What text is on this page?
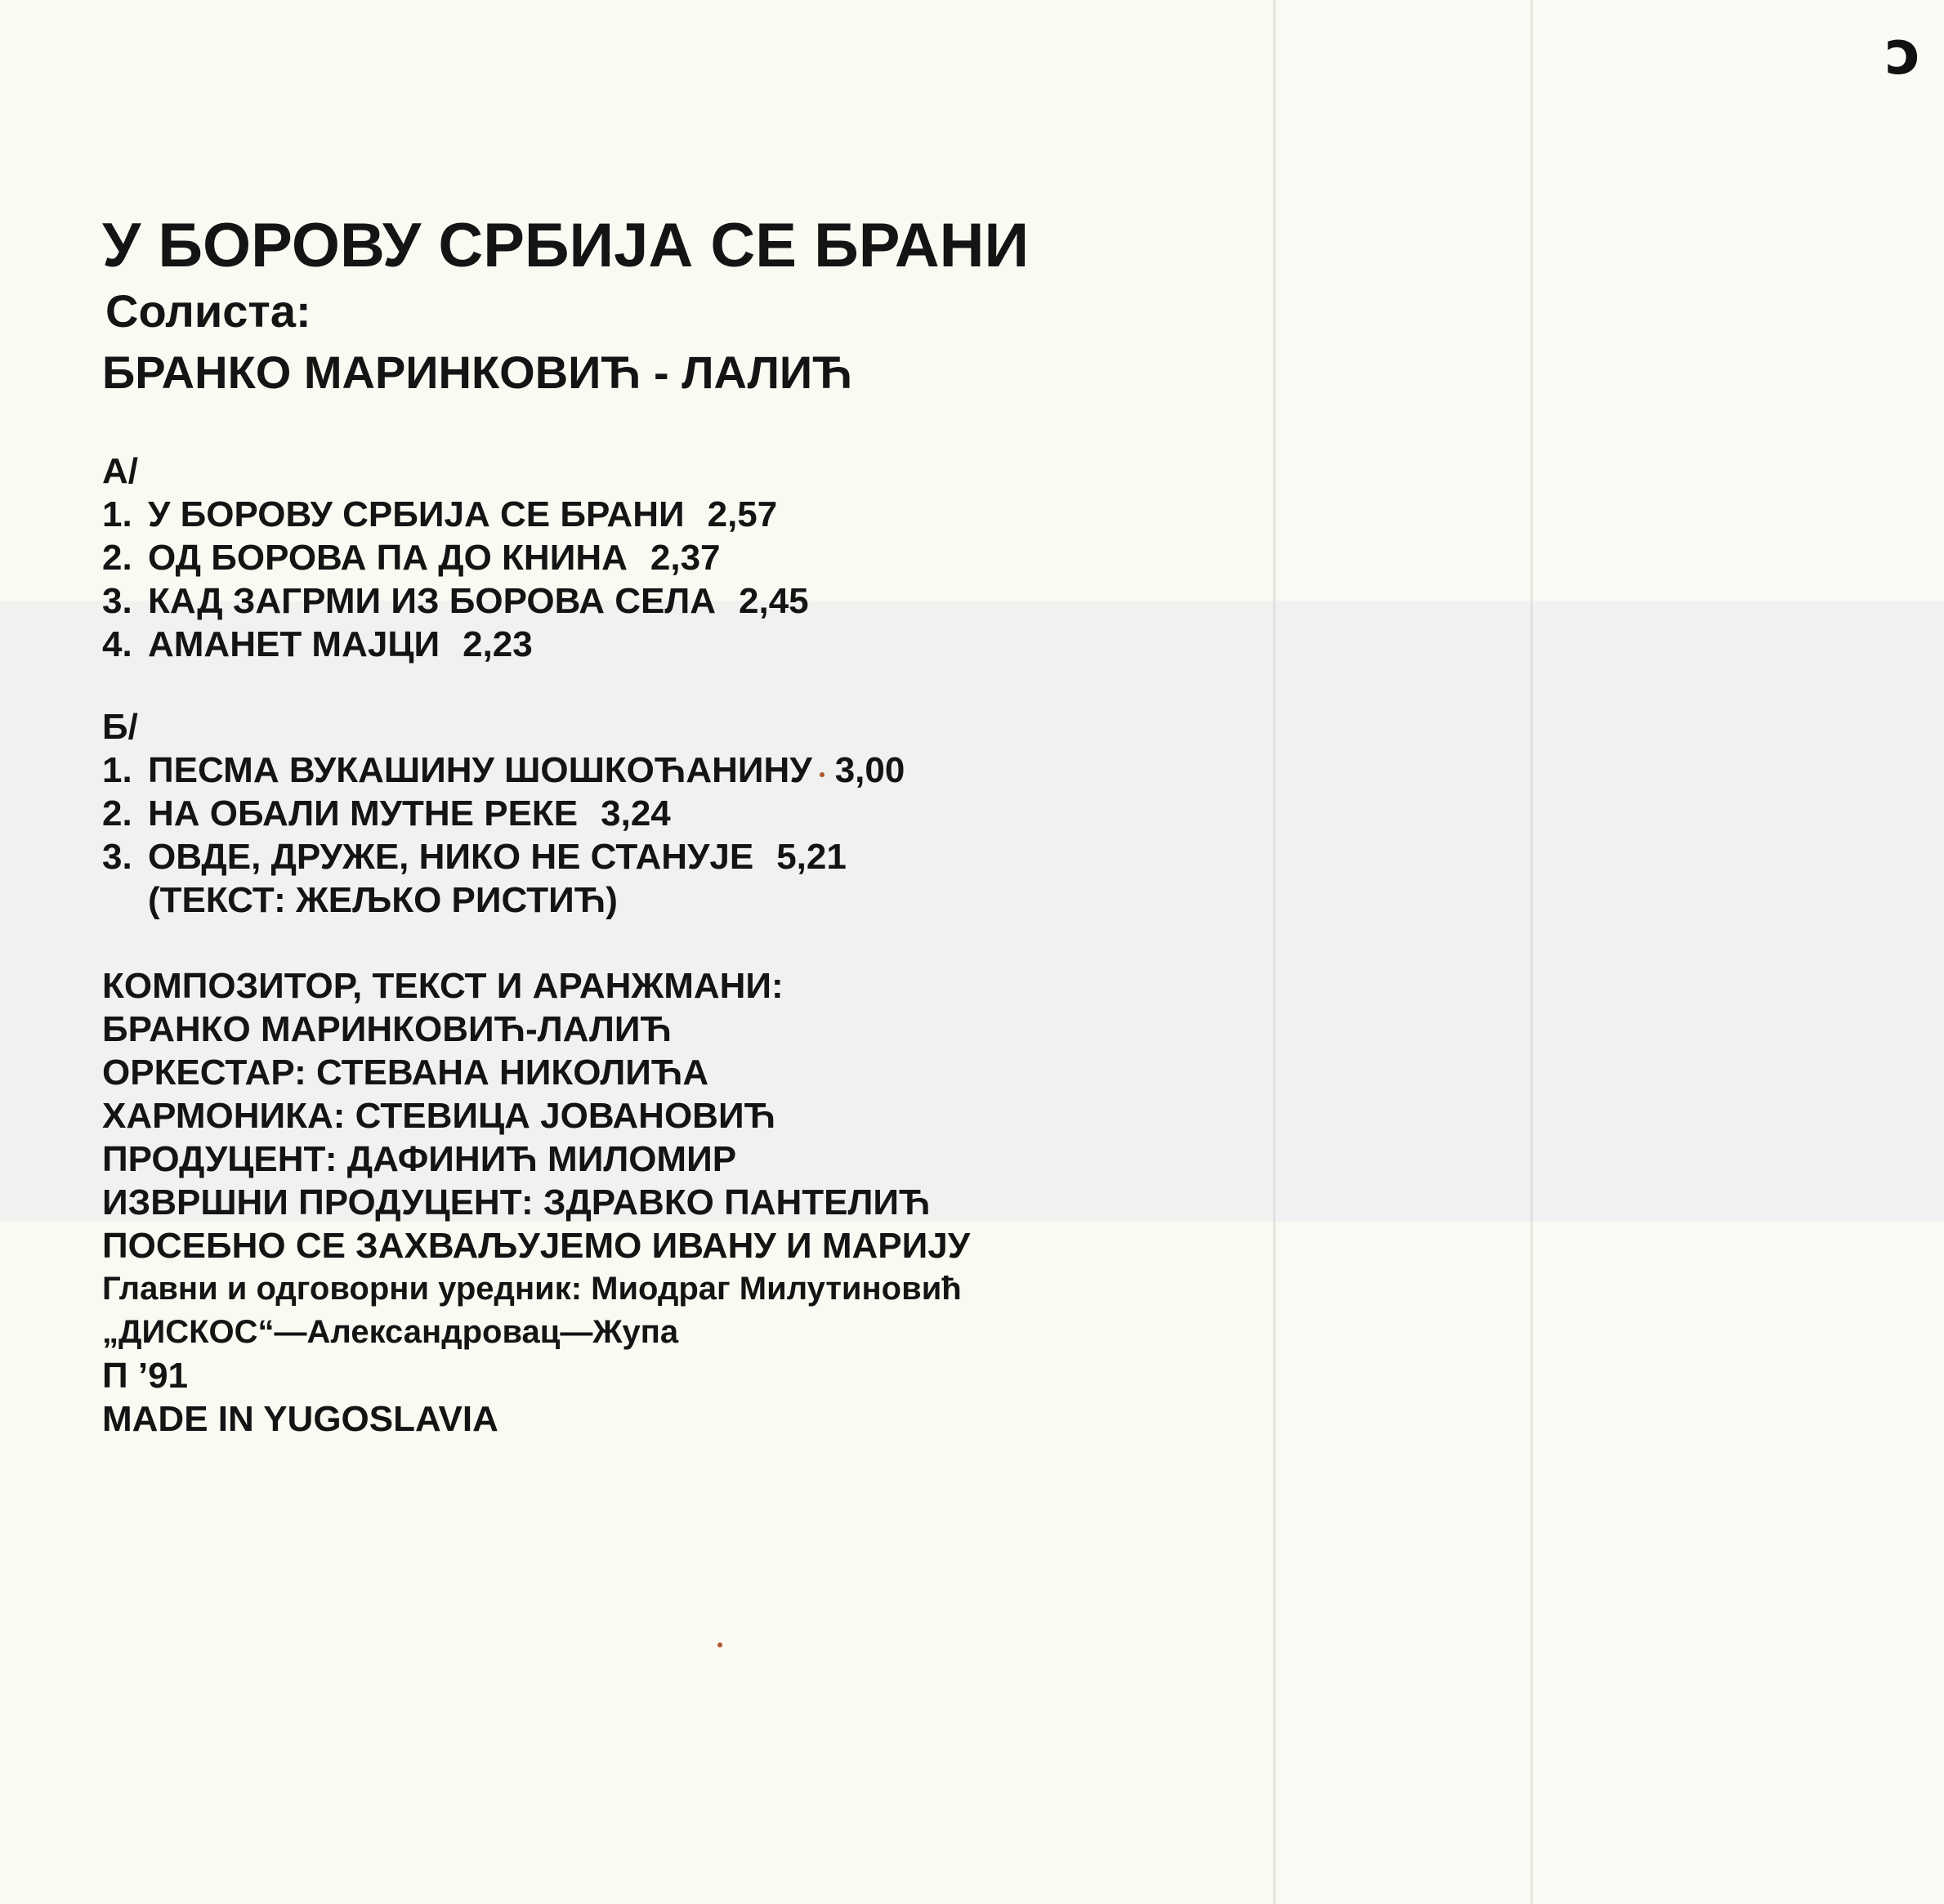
ɔ
У БОРОВУ СРБИЈА СЕ БРАНИ
Солиста:
БРАНКО МАРИНКОВИЋ - ЛАЛИЋ
А/
1. У БОРОВУ СРБИЈА СЕ БРАНИ 2,57
2. ОД БОРОВА ПА ДО КНИНА 2,37
3. КАД ЗАГРМИ ИЗ БОРОВА СЕЛА 2,45
4. АМАНЕТ МАЈЦИ 2,23
Б/
1. ПЕСМА ВУКАШИНУ ШОШКОЋАНИНУ 3,00
2. НА ОБАЛИ МУТНЕ РЕКЕ 3,24
3. ОВДЕ, ДРУЖЕ, НИКО НЕ СТАНУЈЕ 5,21
(ТЕКСТ: ЖЕЉКО РИСТИЋ)
КОМПОЗИТОР, ТЕКСТ И АРАНЖМАНИ:
БРАНКО МАРИНКОВИЋ-ЛАЛИЋ
ОРКЕСТАР: СТЕВАНА НИКОЛИЋА
ХАРМОНИКА: СТЕВИЦА ЈОВАНОВИЋ
ПРОДУЦЕНТ: ДАФИНИЋ МИЛОМИР
ИЗВРШНИ ПРОДУЦЕНТ: ЗДРАВКО ПАНТЕЛИЋ
ПОСЕБНО СЕ ЗАХВАЉУЈЕМО ИВАНУ И МАРИЈУ
Главни и одговорни уредник: Миодраг Милутиновић
„ДИСКОС“—Александровац—Жупа
П ’91
MADE IN YUGOSLAVIA
